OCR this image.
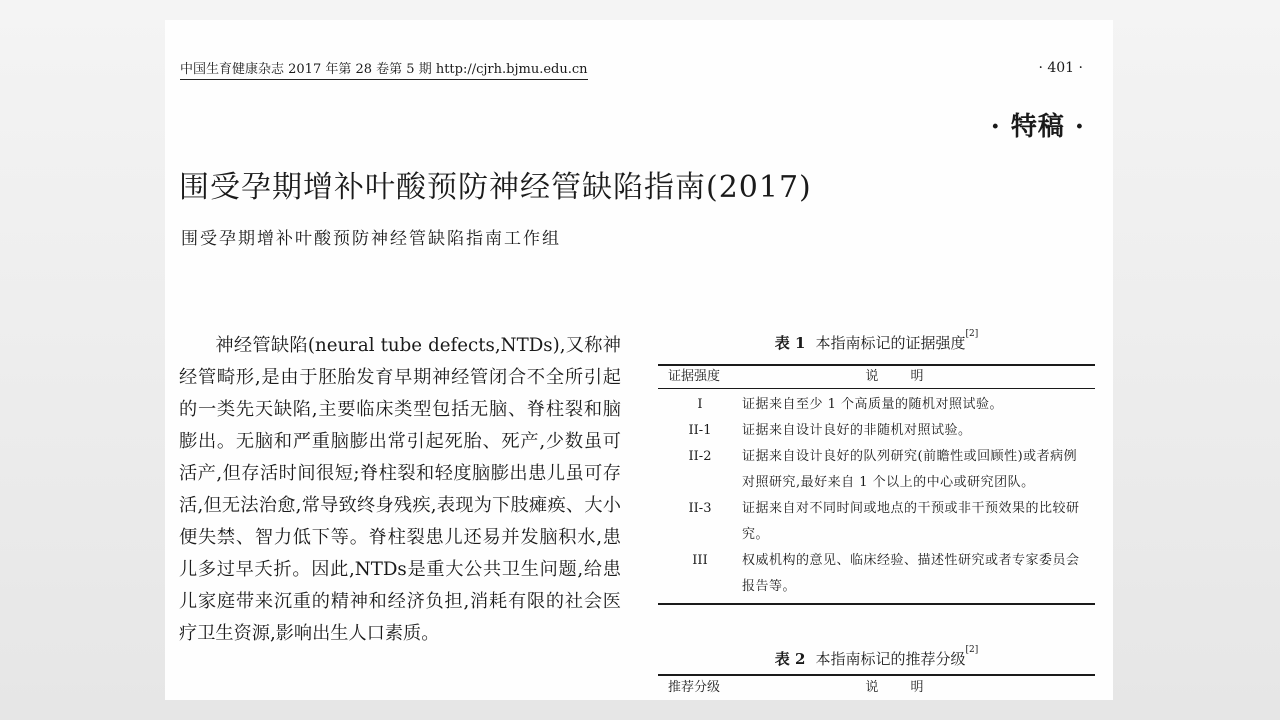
中国生育健康杂志 2017 年第 28 卷第 5 期 http://cjrh.bjmu.edu.cn	· 401 ·
· 特稿 ·
围受孕期增补叶酸预防神经管缺陷指南(2017)
围受孕期增补叶酸预防神经管缺陷指南工作组

神经管缺陷(neural tube defects,NTDs),又称神经管畸形,是由于胚胎发育早期神经管闭合不全所引起的一类先天缺陷,主要临床类型包括无脑、脊柱裂和脑膨出。无脑和严重脑膨出常引起死胎、死产,少数虽可活产,但存活时间很短;脊柱裂和轻度脑膨出患儿虽可存活,但无法治愈,常导致终身残疾,表现为下肢瘫痪、大小便失禁、智力低下等。脊柱裂患儿还易并发脑积水,患儿多过早夭折。因此,NTDs是重大公共卫生问题,给患儿家庭带来沉重的精神和经济负担,消耗有限的社会医疗卫生资源,影响出生人口素质。

表 1 本指南标记的证据强度[2]
证据强度	说 明
I	证据来自至少 1 个高质量的随机对照试验。
II-1	证据来自设计良好的非随机对照试验。
II-2	证据来自设计良好的队列研究(前瞻性或回顾性)或者病例对照研究,最好来自 1 个以上的中心或研究团队。
II-3	证据来自对不同时间或地点的干预或非干预效果的比较研究。
III	权威机构的意见、临床经验、描述性研究或者专家委员会报告等。
表 2 本指南标记的推荐分级[2]
推荐分级	说 明
